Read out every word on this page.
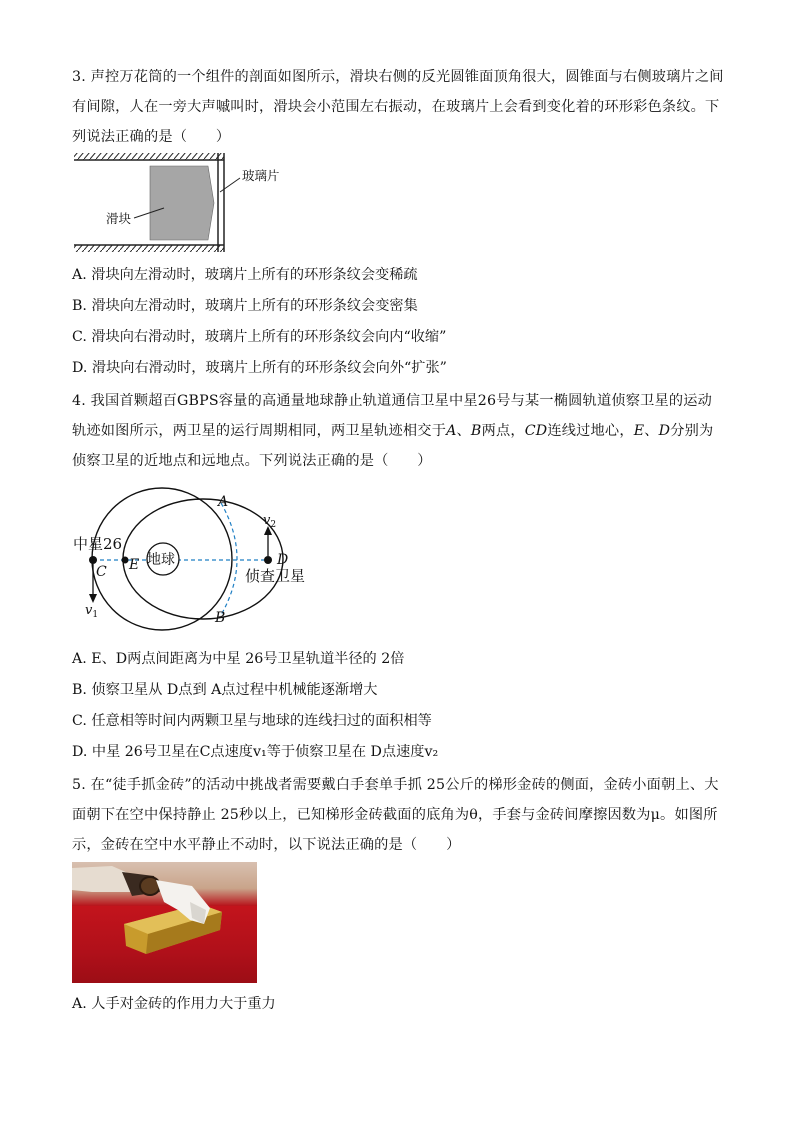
3. 声控万花筒的一个组件的剖面如图所示，滑块右侧的反光圆锥面顶角很大，圆锥面与右侧玻璃片之间有间隙，人在一旁大声嘁叫时，滑块会小范围左右振动，在玻璃片上会看到变化着的环形彩色条纹。下列说法正确的是（　　）

玻璃片
滑块

A. 滑块向左滑动时，玻璃片上所有的环形条纹会变稀疏

B. 滑块向左滑动时，玻璃片上所有的环形条纹会变密集

C. 滑块向右滑动时，玻璃片上所有的环形条纹会向内“收缩”

D. 滑块向右滑动时，玻璃片上所有的环形条纹会向外“扩张”

4. 我国首颗超百GBPS容量的高通量地球静止轨道通信卫星中星26号与某一椭圆轨道侦察卫星的运动轨迹如图所示，两卫星的运行周期相同，两卫星轨迹相交于A、B两点，CD连线过地心，E、D分别为侦察卫星的近地点和远地点。下列说法正确的是（　　）

A
B
C
D
E
中星26
地球
侦查卫星
$v_1$
$v_2$

A. E、D两点间距离为中星 26号卫星轨道半径的 2倍

B. 侦察卫星从 D点到 A点过程中机械能逐渐增大

C. 任意相等时间内两颗卫星与地球的连线扫过的面积相等

D. 中星 26号卫星在C点速度v₁等于侦察卫星在 D点速度v₂

5. 在“徒手抓金砖”的活动中挑战者需要戴白手套单手抓 25公斤的梯形金砖的侧面，金砖小面朝上、大面朝下在空中保持静止 25秒以上，已知梯形金砖截面的底角为θ，手套与金砖间摩擦因数为μ。如图所示，金砖在空中水平静止不动时，以下说法正确的是（　　）

A. 人手对金砖的作用力大于重力
